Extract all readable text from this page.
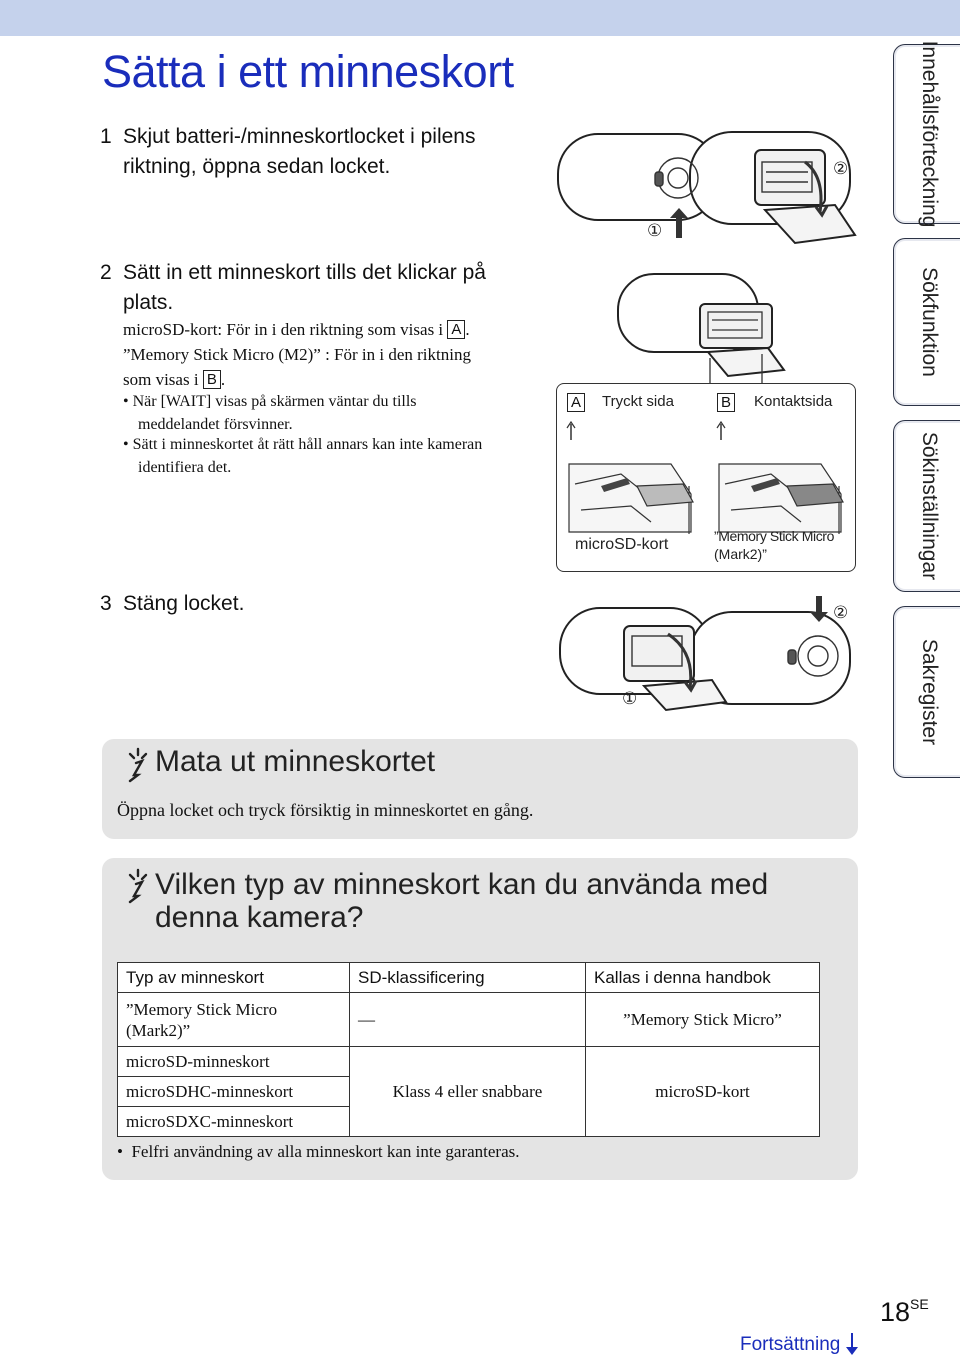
Sätta i ett minneskort
1 Skjut batteri-/minneskortlocket i pilens
riktning, öppna sedan locket.
2 Sätt in ett minneskort tills det klickar på
plats.
microSD-kort: För in i den riktning som visas i A .
”Memory Stick Micro (M2)” : För in i den riktning
som visas i B .
• När [WAIT] visas på skärmen väntar du tills
meddelandet försvinner.
• Sätt i minneskortet åt rätt håll annars kan inte kameran
identifiera det.
3 Stäng locket.
②
①
A Tryckt sida	B Kontaktsida
microSD-kort	”Memory Stick Micro
(Mark2)”
②
①
Innehållsförteckning
Sökfunktion
Sökinställningar
Sakregister
Mata ut minneskortet
Öppna locket och tryck försiktig in minneskortet en gång.
Vilken typ av minneskort kan du använda med denna kamera?
Typ av minneskort	SD-klassificering	Kallas i denna handbok
”Memory Stick Micro (Mark2)”	—	”Memory Stick Micro”
microSD-minneskort	Klass 4 eller snabbare	microSD-kort
microSDHC-minneskort		
microSDXC-minneskort		
•  Felfri användning av alla minneskort kan inte garanteras.
$18^{SE}$
Fortsättning
